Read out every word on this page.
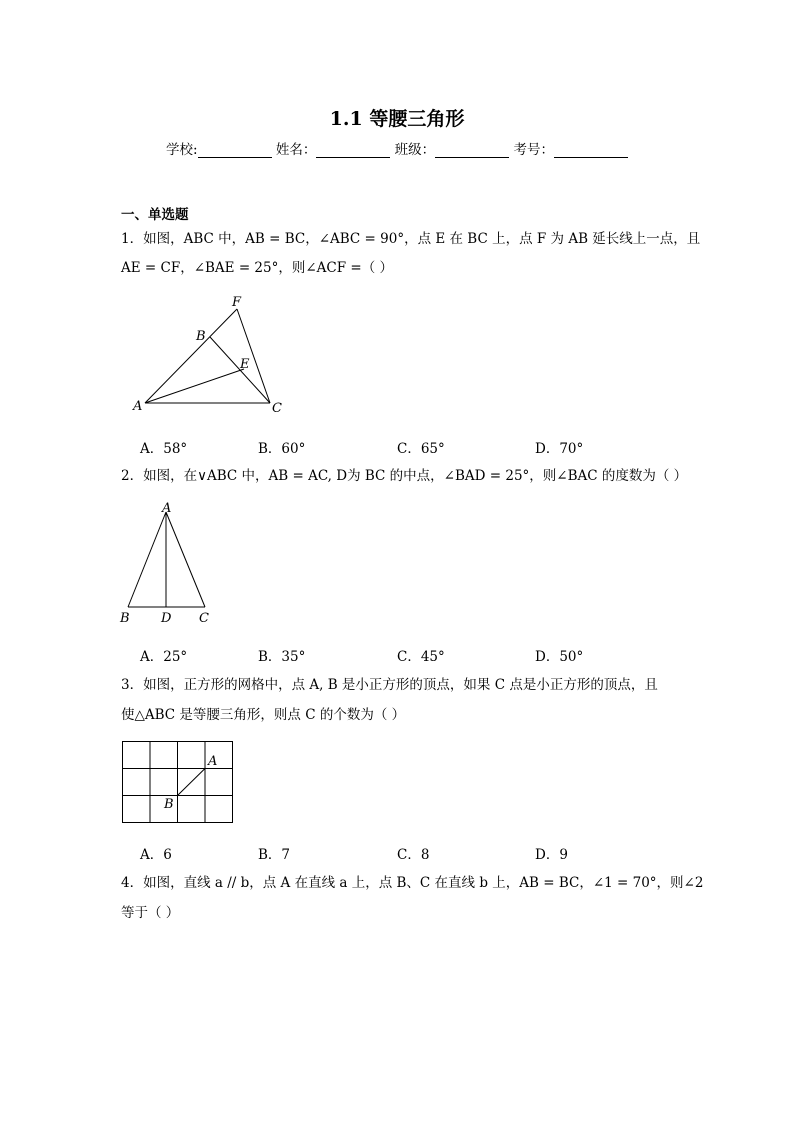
1.1 等腰三角形
学校:	姓名：	班级：	考号：
一、单选题
1．如图，ABC 中，AB = BC，∠ABC = 90°，点 E 在 BC 上，点 F 为 AB 延长线上一点，且
AE = CF，∠BAE = 25°，则∠ACF =（ ）
F
B
E
A	C
A．58°	B．60°	C．65°	D．70°
2．如图，在∨ABC 中，AB = AC, D为 BC 的中点，∠BAD = 25°，则∠BAC 的度数为（ ）
A
B D C
A．25°	B．35°	C．45°	D．50°
3．如图，正方形的网格中，点 A, B 是小正方形的顶点，如果 C 点是小正方形的顶点，且
使△ABC 是等腰三角形，则点 C 的个数为（ ）
A
B
A．6	B．7	C．8	D．9
4．如图，直线 a // b，点 A 在直线 a 上，点 B、C 在直线 b 上，AB = BC，∠1 = 70°，则∠2
等于（ ）
